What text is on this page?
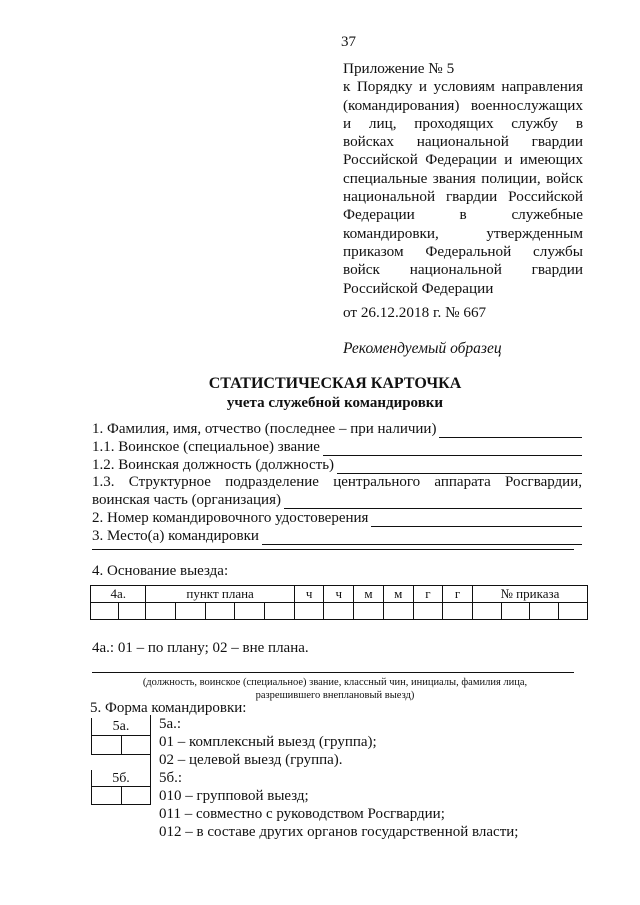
37
Приложение № 5
к Порядку и условиям направления
(командирования) военнослужащих
и лиц, проходящих службу в
войсках национальной гвардии
Российской Федерации и имеющих
специальные звания полиции, войск
национальной гвардии Российской
Федерации в служебные
командировки, утвержденным
приказом Федеральной службы
войск национальной гвардии
Российской Федерации
от 26.12.2018 г. № 667
Рекомендуемый образец
СТАТИСТИЧЕСКАЯ КАРТОЧКА
учета служебной командировки
1. Фамилия, имя, отчество (последнее – при наличии)
1.1. Воинское (специальное) звание
1.2. Воинская должность (должность)
1.3. Структурное подразделение центрального аппарата Росгвардии,
воинская часть (организация)
2. Номер командировочного удостоверения
3. Место(а) командировки
4. Основание выезда:
4а.		пункт плана					ч	ч	м	м	г	г	№ приказа			

4а.: 01 – по плану; 02 – вне плана.
(должность, воинское (специальное) звание, классный чин, инициалы, фамилия лица,
разрешившего внеплановый выезд)
5. Форма командировки:
5а.	5а.:
01 – комплексный выезд (группа);
02 – целевой выезд (группа).
5б.	5б.:
010 – групповой выезд;
011 – совместно с руководством Росгвардии;
012 – в составе других органов государственной власти;
